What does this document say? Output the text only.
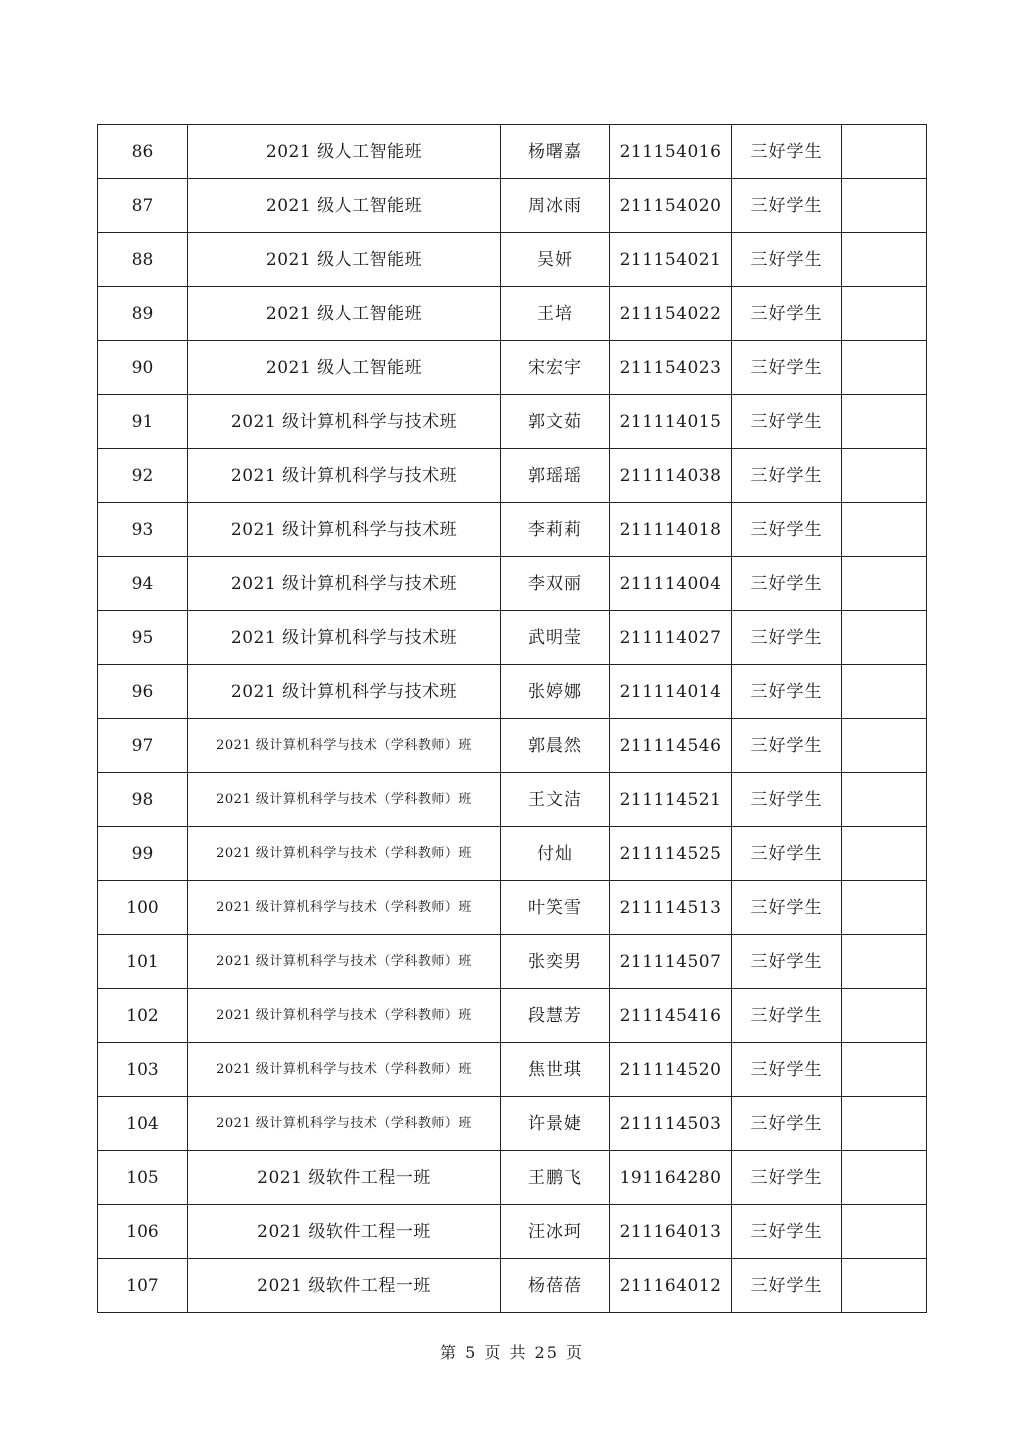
86	2021 级人工智能班	杨曙嘉	211154016	三好学生	
87	2021 级人工智能班	周冰雨	211154020	三好学生	
88	2021 级人工智能班	吴妍	211154021	三好学生	
89	2021 级人工智能班	王培	211154022	三好学生	
90	2021 级人工智能班	宋宏宇	211154023	三好学生	
91	2021 级计算机科学与技术班	郭文茹	211114015	三好学生	
92	2021 级计算机科学与技术班	郭瑶瑶	211114038	三好学生	
93	2021 级计算机科学与技术班	李莉莉	211114018	三好学生	
94	2021 级计算机科学与技术班	李双丽	211114004	三好学生	
95	2021 级计算机科学与技术班	武明莹	211114027	三好学生	
96	2021 级计算机科学与技术班	张婷娜	211114014	三好学生	
97	2021 级计算机科学与技术（学科教师）班	郭晨然	211114546	三好学生	
98	2021 级计算机科学与技术（学科教师）班	王文洁	211114521	三好学生	
99	2021 级计算机科学与技术（学科教师）班	付灿	211114525	三好学生	
100	2021 级计算机科学与技术（学科教师）班	叶笑雪	211114513	三好学生	
101	2021 级计算机科学与技术（学科教师）班	张奕男	211114507	三好学生	
102	2021 级计算机科学与技术（学科教师）班	段慧芳	211145416	三好学生	
103	2021 级计算机科学与技术（学科教师）班	焦世琪	211114520	三好学生	
104	2021 级计算机科学与技术（学科教师）班	许景婕	211114503	三好学生	
105	2021 级软件工程一班	王鹏飞	191164280	三好学生	
106	2021 级软件工程一班	汪冰珂	211164013	三好学生	
107	2021 级软件工程一班	杨蓓蓓	211164012	三好学生	
第 5 页 共 25 页
